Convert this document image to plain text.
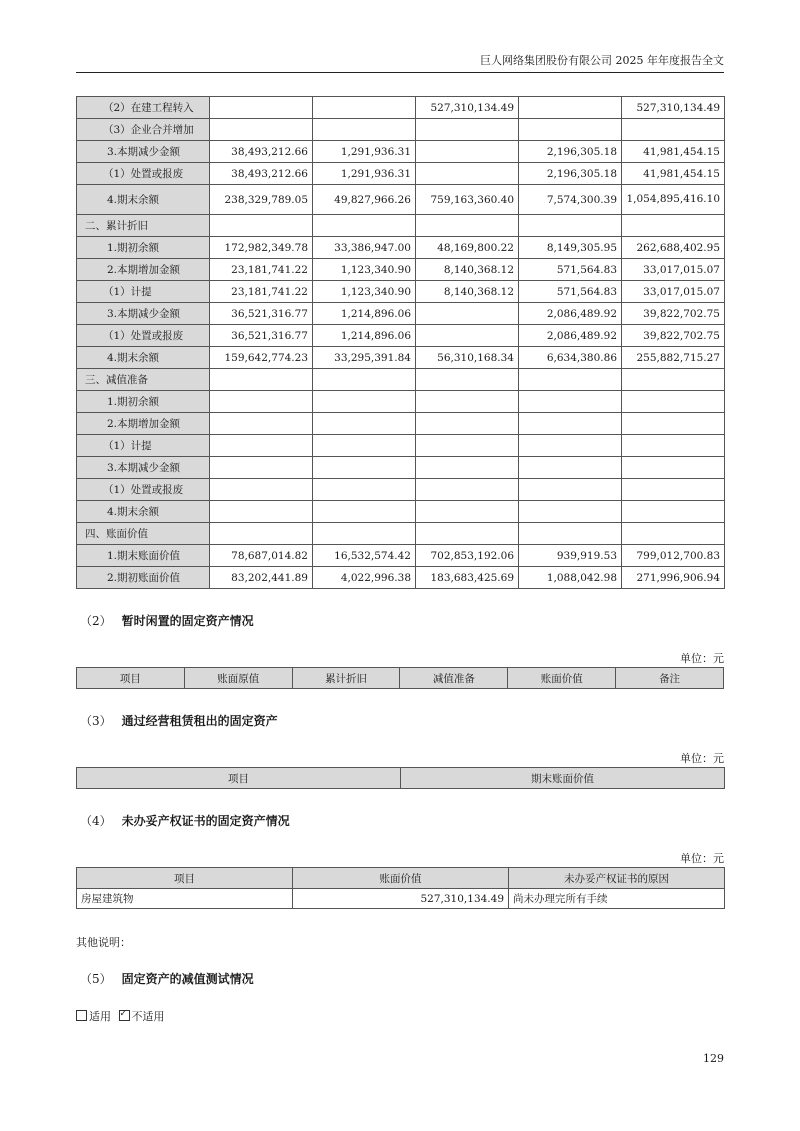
巨人网络集团股份有限公司 2025 年年度报告全文
（2）在建工程转入			527,310,134.49		527,310,134.49
（3）企业合并增加					
3.本期减少金额	38,493,212.66	1,291,936.31		2,196,305.18	41,981,454.15
（1）处置或报废	38,493,212.66	1,291,936.31		2,196,305.18	41,981,454.15
4.期末余额	238,329,789.05	49,827,966.26	759,163,360.40	7,574,300.39	1,054,895,416.10
二、累计折旧					
1.期初余额	172,982,349.78	33,386,947.00	48,169,800.22	8,149,305.95	262,688,402.95
2.本期增加金额	23,181,741.22	1,123,340.90	8,140,368.12	571,564.83	33,017,015.07
（1）计提	23,181,741.22	1,123,340.90	8,140,368.12	571,564.83	33,017,015.07
3.本期减少金额	36,521,316.77	1,214,896.06		2,086,489.92	39,822,702.75
（1）处置或报废	36,521,316.77	1,214,896.06		2,086,489.92	39,822,702.75
4.期末余额	159,642,774.23	33,295,391.84	56,310,168.34	6,634,380.86	255,882,715.27
三、减值准备					
1.期初余额					
2.本期增加金额					
（1）计提					
3.本期减少金额					
（1）处置或报废					
4.期末余额					
四、账面价值					
1.期末账面价值	78,687,014.82	16,532,574.42	702,853,192.06	939,919.53	799,012,700.83
2.期初账面价值	83,202,441.89	4,022,996.38	183,683,425.69	1,088,042.98	271,996,906.94
（2） 暂时闲置的固定资产情况
单位：元
项目	账面原值	累计折旧	减值准备	账面价值	备注
（3） 通过经营租赁租出的固定资产
单位：元
项目	期末账面价值
（4） 未办妥产权证书的固定资产情况
单位：元
项目	账面价值	未办妥产权证书的原因
房屋建筑物	527,310,134.49	尚未办理完所有手续
其他说明：
（5） 固定资产的减值测试情况
适用 ✓ 不适用
129
